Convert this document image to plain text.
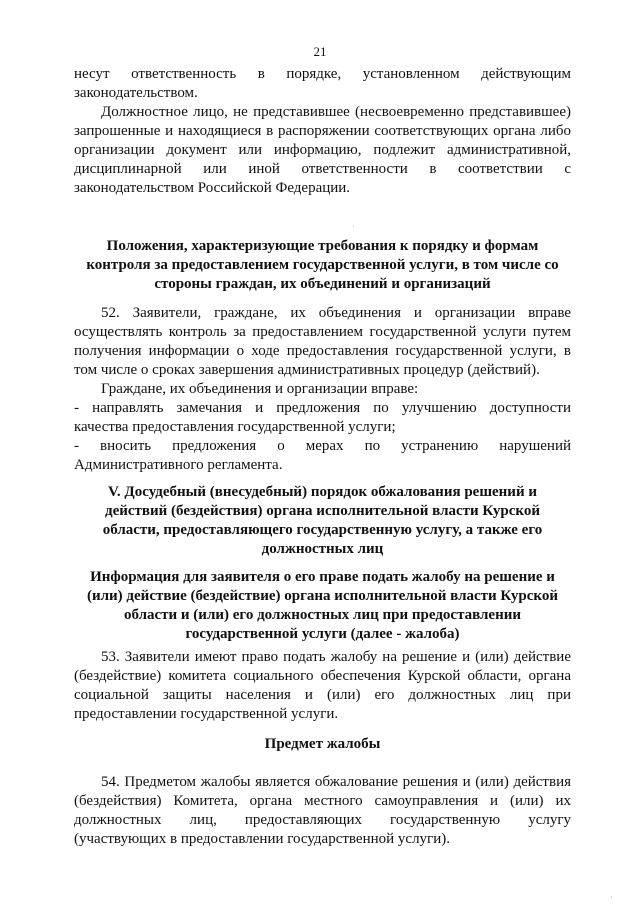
21
несут ответственность в порядке, установленном действующим
законодательством.
Должностное лицо, не представившее (несвоевременно представившее)
запрошенные и находящиеся в распоряжении соответствующих органа либо
организации документ или информацию, подлежит административной,
дисциплинарной или иной ответственности в соответствии с
законодательством Российской Федерации.
Положения, характеризующие требования к порядку и формам
контроля за предоставлением государственной услуги, в том числе со
стороны граждан, их объединений и организаций
52. Заявители, граждане, их объединения и организации вправе
осуществлять контроль за предоставлением государственной услуги путем
получения информации о ходе предоставления государственной услуги, в
том числе о сроках завершения административных процедур (действий).
Граждане, их объединения и организации вправе:
- направлять замечания и предложения по улучшению доступности
качества предоставления государственной услуги;
- вносить предложения о мерах по устранению нарушений
Административного регламента.
V. Досудебный (внесудебный) порядок обжалования решений и
действий (бездействия) органа исполнительной власти Курской
области, предоставляющего государственную услугу, а также его
должностных лиц
Информация для заявителя о его праве подать жалобу на решение и
(или) действие (бездействие) органа исполнительной власти Курской
области и (или) его должностных лиц при предоставлении
государственной услуги (далее - жалоба)
53. Заявители имеют право подать жалобу на решение и (или) действие
(бездействие) комитета социального обеспечения Курской области, органа
социальной защиты населения и (или) его должностных лиц при
предоставлении государственной услуги.
Предмет жалобы
54. Предметом жалобы является обжалование решения и (или) действия
(бездействия) Комитета, органа местного самоуправления и (или) их
должностных лиц, предоставляющих государственную услугу
(участвующих в предоставлении государственной услуги).
·
·
